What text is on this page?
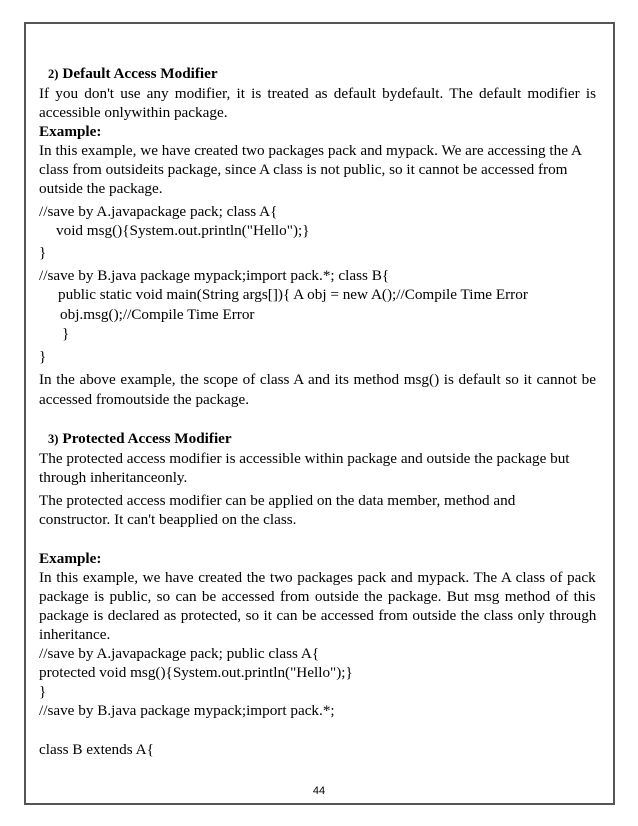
2) Default Access Modifier
If you don't use any modifier, it is treated as default bydefault. The default modifier is
accessible onlywithin package.
Example:
In this example, we have created two packages pack and mypack. We are accessing the A
class from outsideits package, since A class is not public, so it cannot be accessed from
outside the package.
//save by A.javapackage pack; class A{
void msg(){System.out.println("Hello");}
}
//save by B.java package mypack;import pack.*; class B{
public static void main(String args[]){ A obj = new A();//Compile Time Error
obj.msg();//Compile Time Error
}
}
In the above example, the scope of class A and its method msg() is default so it cannot be
accessed fromoutside the package.
3) Protected Access Modifier
The protected access modifier is accessible within package and outside the package but
through inheritanceonly.
The protected access modifier can be applied on the data member, method and
constructor. It can't beapplied on the class.
Example:
In this example, we have created the two packages pack and mypack. The A class of pack
package is public, so can be accessed from outside the package. But msg method of this
package is declared as protected, so it can be accessed from outside the class only through
inheritance.
//save by A.javapackage pack; public class A{
protected void msg(){System.out.println("Hello");}
}
//save by B.java package mypack;import pack.*;
class B extends A{
44
